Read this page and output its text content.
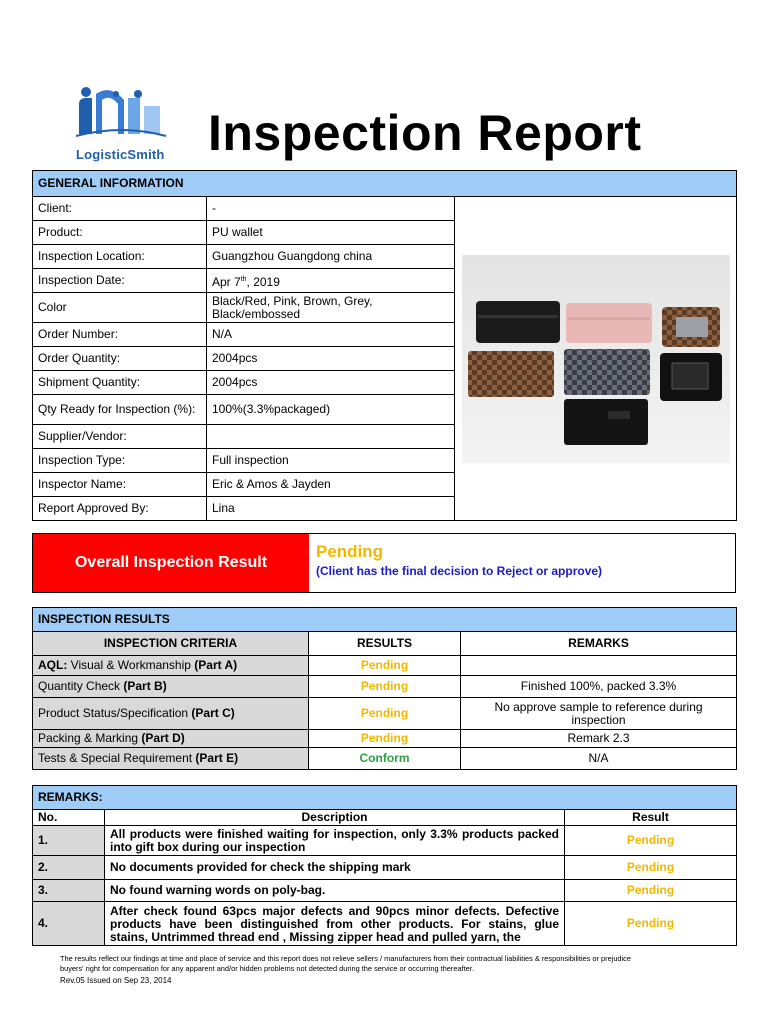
LogisticSmith Inspection Report
GENERAL INFORMATION		
Client:	-	

Product:	PU wallet	
Inspection Location:	Guangzhou Guangdong china	
Inspection Date:	Apr 7th, 2019	
Color	Black/Red, Pink, Brown, Grey, Black/embossed	
Order Number:	N/A	
Order Quantity:	2004pcs	
Shipment Quantity:	2004pcs	
Qty Ready for Inspection (%):	100%(3.3%packaged)	
Supplier/Vendor:		
Inspection Type:	Full inspection	
Inspector Name:	Eric & Amos & Jayden	
Report Approved By:	Lina	
Overall Inspection Result
Pending
(Client has the final decision to Reject or approve)
INSPECTION RESULTS		
INSPECTION CRITERIA	RESULTS	REMARKS
AQL: Visual & Workmanship (Part A)	Pending	
Quantity Check (Part B)	Pending	Finished 100%, packed 3.3%
Product Status/Specification (Part C)	Pending	No approve sample to reference during inspection
Packing & Marking (Part D)	Pending	Remark 2.3
Tests & Special Requirement (Part E)	Conform	N/A
REMARKS:		
No.	Description	Result
1.	All products were finished waiting for inspection, only 3.3% products packed into gift box during our inspection	Pending
2.	No documents provided for check the shipping mark	Pending
3.	No found warning words on poly-bag.	Pending
4.	After check found 63pcs major defects and 90pcs minor defects. Defective products have been distinguished from other products. For stains, glue stains, Untrimmed thread end , Missing zipper head and pulled yarn, the	Pending
The results reflect our findings at time and place of service and this report does not relieve sellers / manufacturers from their contractual liabilities & responsibilities or prejudice
buyers' right for compensation for any apparent and/or hidden problems not detected during the service or occurring thereafter.
Rev.05 Issued on Sep 23, 2014
